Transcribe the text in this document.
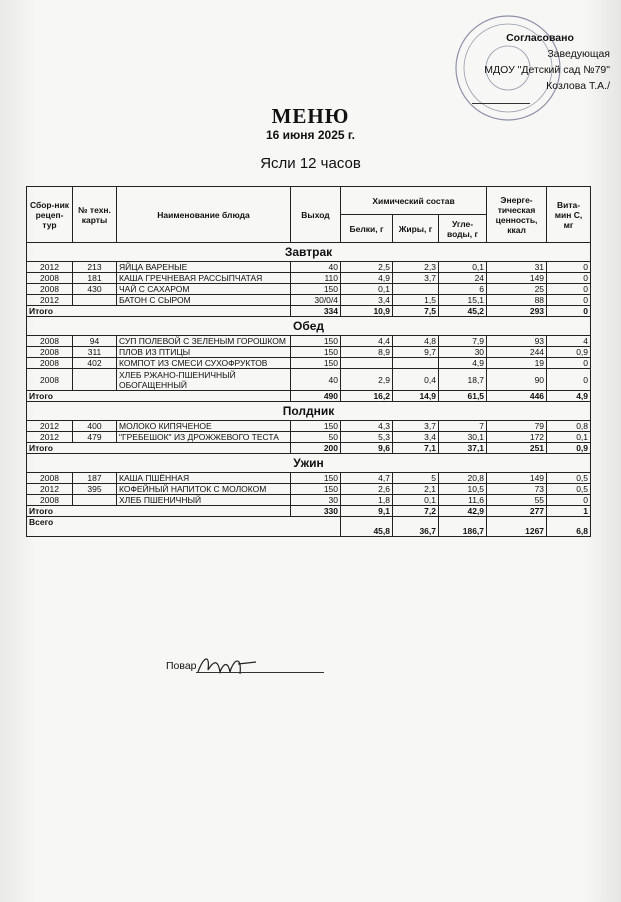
Согласовано
Заведующая
МДОУ "Детский сад №79"
Козлова Т.А./
МЕНЮ
16 июня 2025 г.
Ясли 12 часов
Сбор-ник рецеп-тур	№ техн. карты	Наименование блюда	Выход	Химический состав			Энерге-тическая ценность, ккал	Вита-мин С, мг
				Белки, г	Жиры, г	Угле-воды, г		
Завтрак								
2012	213	ЯЙЦА ВАРЕНЫЕ	40	2,5	2,3	0,1	31	0
2008	181	КАША ГРЕЧНЕВАЯ РАССЫПЧАТАЯ	110	4,9	3,7	24	149	0
2008	430	ЧАЙ С САХАРОМ	150	0,1		6	25	0
2012		БАТОН С СЫРОМ	30/0/4	3,4	1,5	15,1	88	0
Итого			334	10,9	7,5	45,2	293	0
Обед								
2008	94	СУП ПОЛЕВОЙ С ЗЕЛЕНЫМ ГОРОШКОМ	150	4,4	4,8	7,9	93	4
2008	311	ПЛОВ ИЗ ПТИЦЫ	150	8,9	9,7	30	244	0,9
2008	402	КОМПОТ ИЗ СМЕСИ СУХОФРУКТОВ	150			4,9	19	0
2008		ХЛЕБ РЖАНО-ПШЕНИЧНЫЙ ОБОГАЩЕННЫЙ	40	2,9	0,4	18,7	90	0
Итого			490	16,2	14,9	61,5	446	4,9
Полдник								
2012	400	МОЛОКО КИПЯЧЕНОЕ	150	4,3	3,7	7	79	0,8
2012	479	"ГРЕБЕШОК" ИЗ ДРОЖЖЕВОГО ТЕСТА	50	5,3	3,4	30,1	172	0,1
Итого			200	9,6	7,1	37,1	251	0,9
Ужин								
2008	187	КАША ПШЁННАЯ	150	4,7	5	20,8	149	0,5
2012	395	КОФЕЙНЫЙ НАПИТОК С МОЛОКОМ	150	2,6	2,1	10,5	73	0,5
2008		ХЛЕБ ПШЕНИЧНЫЙ	30	1,8	0,1	11,6	55	0
Итого			330	9,1	7,2	42,9	277	1
Всего				45,8	36,7	186,7	1267	6,8
Повар
